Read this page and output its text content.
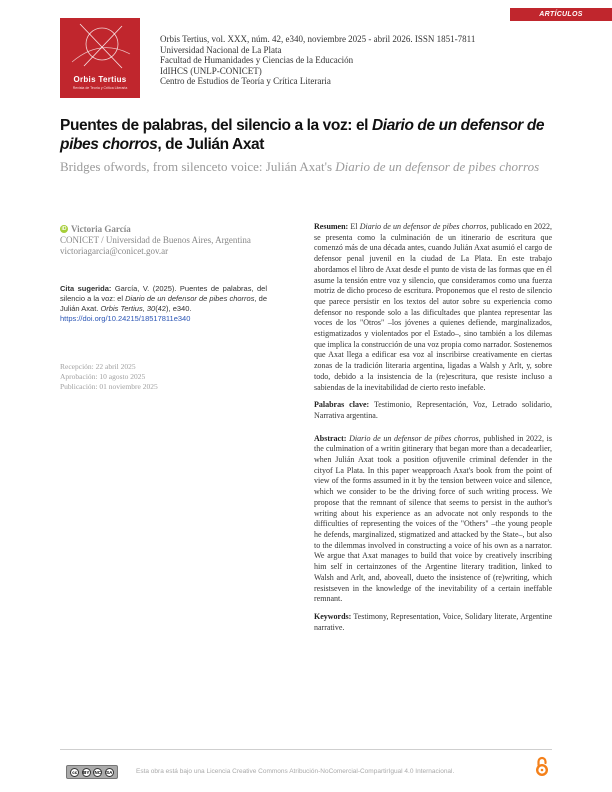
ARTÍCULOS
Orbis Tertius
Revista de Teoría y Crítica Literaria
Orbis Tertius, vol. XXX, núm. 42, e340, noviembre 2025 - abril 2026. ISSN 1851-7811
Universidad Nacional de La Plata
Facultad de Humanidades y Ciencias de la Educación
IdIHCS (UNLP-CONICET)
Centro de Estudios de Teoría y Crítica Literaria
Puentes de palabras, del silencio a la voz: el Diario de un defensor de pibes chorros, de Julián Axat
Bridges ofwords, from silenceto voice: Julián Axat's Diario de un defensor de pibes chorros
iD Victoria García
CONICET / Universidad de Buenos Aires, Argentina
victoriagarcia@conicet.gov.ar
Cita sugerida: García, V. (2025). Puentes de palabras, del silencio a la voz: el Diario de un defensor de pibes chorros, de Julián Axat. Orbis Tertius, 30(42), e340.
https://doi.org/10.24215/18517811e340
Recepción: 22 abril 2025
Aprobación: 10 agosto 2025
Publicación: 01 noviembre 2025

Resumen: El Diario de un defensor de pibes chorros, publicado en 2022, se presenta como la culminación de un itinerario de escritura que comenzó más de una década antes, cuando Julián Axat asumió el cargo de defensor penal juvenil en la ciudad de La Plata. En este trabajo abordamos el libro de Axat desde el punto de vista de las formas que en él asume la tensión entre voz y silencio, que consideramos como una fuerza motriz de dicho proceso de escritura. Proponemos que el resto de silencio que parece persistir en los textos del autor sobre su experiencia como defensor no responde solo a las dificultades que plantea representar las voces de los "Otros" –los jóvenes a quienes defiende, marginalizados, estigmatizados y violentados por el Estado–, sino también a los dilemas que implica la construcción de una voz propia como narrador. Sostenemos que Axat llega a edificar esa voz al inscribirse creativamente en ciertas zonas de la tradición literaria argentina, ligadas a Walsh y Arlt, y, sobre todo, debido a la insistencia de la (re)escritura, que resiste incluso a sabiendas de la inevitabilidad de cierto resto inefable.

Palabras clave: Testimonio, Representación, Voz, Letrado solidario, Narrativa argentina.

Abstract: Diario de un defensor de pibes chorros, published in 2022, is the culmination of a writin gitinerary that began more than a decadearlier, when Julián Axat took a position ofjuvenile criminal defender in the cityof La Plata. In this paper weapproach Axat's book from the point of view of the forms assumed in it by the tension between voice and silence, which we consider to be the driving force of such writing process. We propose that the remnant of silence that seems to persist in the author's writing about his experience as an advocate not only responds to the difficulties of representing the voices of the "Others" –the young people he defends, marginalized, stigmatized and attacked by the State–, but also to the dilemmas involved in constructing a voice of his own as a narrator. We argue that Axat manages to build that voice by creatively inscribing him self in certainzones of the Argentine literary tradition, linked to Walsh and Arlt, and, aboveall, dueto the insistence of (re)writing, which resistseven in the knowledge of the inevitability of a certain ineffable remnant.

Keywords: Testimony, Representation, Voice, Solidary literate, Argentine narrative.

cc	BY	NC	SA	Esta obra está bajo una Licencia Creative Commons Atribución-NoComercial-CompartirIgual 4.0 Internacional.
